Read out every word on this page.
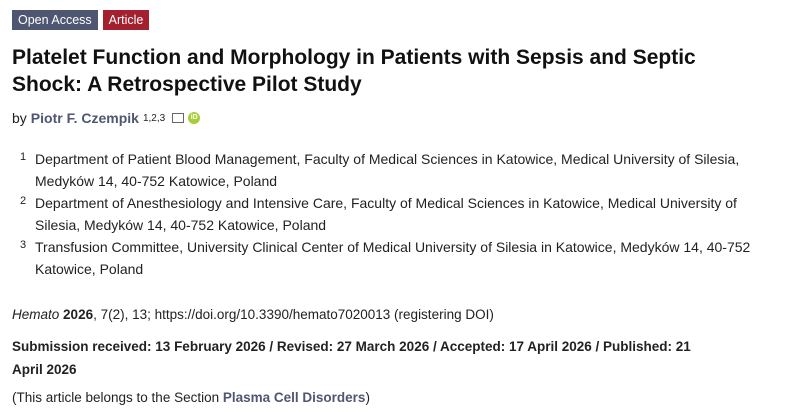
Open Access	Article
Platelet Function and Morphology in Patients with Sepsis and Septic Shock: A Retrospective Pilot Study
by Piotr F. Czempik 1,2,3	iD
1 Department of Patient Blood Management, Faculty of Medical Sciences in Katowice, Medical University of Silesia, Medyków 14, 40-752 Katowice, Poland
2 Department of Anesthesiology and Intensive Care, Faculty of Medical Sciences in Katowice, Medical University of Silesia, Medyków 14, 40-752 Katowice, Poland
3 Transfusion Committee, University Clinical Center of Medical University of Silesia in Katowice, Medyków 14, 40-752 Katowice, Poland
Hemato 2026, 7(2), 13; https://doi.org/10.3390/hemato7020013 (registering DOI)
Submission received: 13 February 2026 / Revised: 27 March 2026 / Accepted: 17 April 2026 / Published: 21 April 2026
(This article belongs to the Section Plasma Cell Disorders)
